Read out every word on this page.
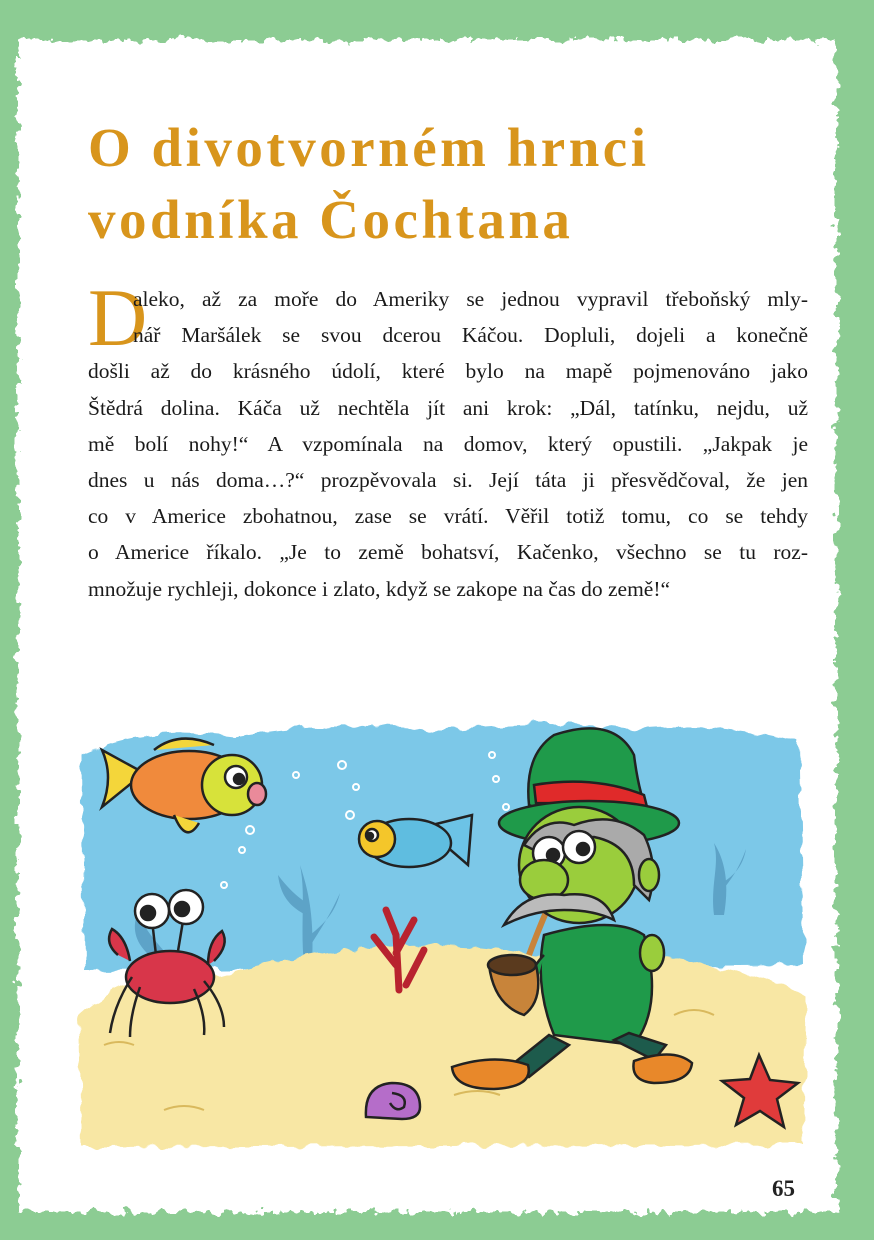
O divotvorném hrnci
vodníka Čochtana
D
aleko, až za moře do Ameriky se jednou vypravil třeboňský mly-
nář Maršálek se svou dcerou Káčou. Dopluli, dojeli a konečně
došli až do krásného údolí, které bylo na mapě pojmenováno jako
Štědrá dolina. Káča už nechtěla jít ani krok: „Dál, tatínku, nejdu, už
mě bolí nohy!“ A vzpomínala na domov, který opustili. „Jakpak je
dnes u nás doma…?“ prozpěvovala si. Její táta ji přesvědčoval, že jen
co v Americe zbohatnou, zase se vrátí. Věřil totiž tomu, co se tehdy
o Americe říkalo. „Je to země bohatsví, Kačenko, všechno se tu roz-
množuje rychleji, dokonce i zlato, když se zakope na čas do země!“
65
